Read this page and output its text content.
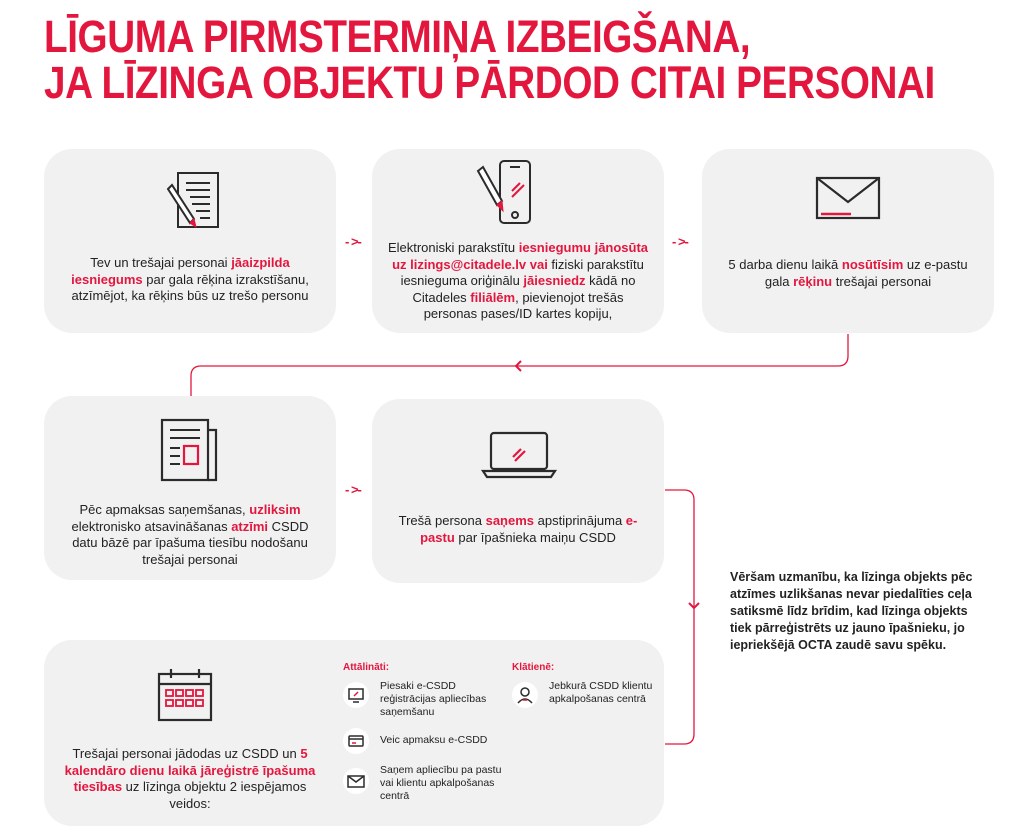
LĪGUMA PIRMSTERMIŅA IZBEIGŠANA,
JA LĪZINGA OBJEKTU PĀRDOD CITAI PERSONAI
Tev un trešajai personai jāaizpilda iesniegums par gala rēķina izrakstīšanu, atzīmējot, ka rēķins būs uz trešo personu
- >-	Elektroniski parakstītu iesniegumu jānosūta uz lizings@citadele.lv vai fiziski parakstītu iesnieguma oriģinālu jāiesniedz kādā no Citadeles filiālēm, pievienojot trešās personas pases/ID kartes kopiju,
- >-
5 darba dienu laikā nosūtīsim uz e-pastu gala rēķinu trešajai personai
Pēc apmaksas saņemšanas, uzliksim elektronisko atsavināšanas atzīmi CSDD datu bāzē par īpašuma tiesību nodošanu trešajai personai
- >-
Trešā persona saņems apstiprinājuma e-pastu par īpašnieka maiņu CSDD
Vēršam uzmanību, ka līzinga objekts pēc atzīmes uzlikšanas nevar piedalīties ceļa satiksmē līdz brīdim, kad līzinga objekts tiek pārreģistrēts uz jauno īpašnieku, jo iepriekšējā OCTA zaudē savu spēku.
Trešajai personai jādodas uz CSDD un 5 kalendāro dienu laikā jāreģistrē īpašuma tiesības uz līzinga objektu 2 iespējamos veidos:
Attālināti:
Piesaki e-CSDD reģistrācijas apliecības saņemšanu
Veic apmaksu e-CSDD
Saņem apliecību pa pastu vai klientu apkalpošanas centrā
Klātienē:
Jebkurā CSDD klientu apkalpošanas centrā
